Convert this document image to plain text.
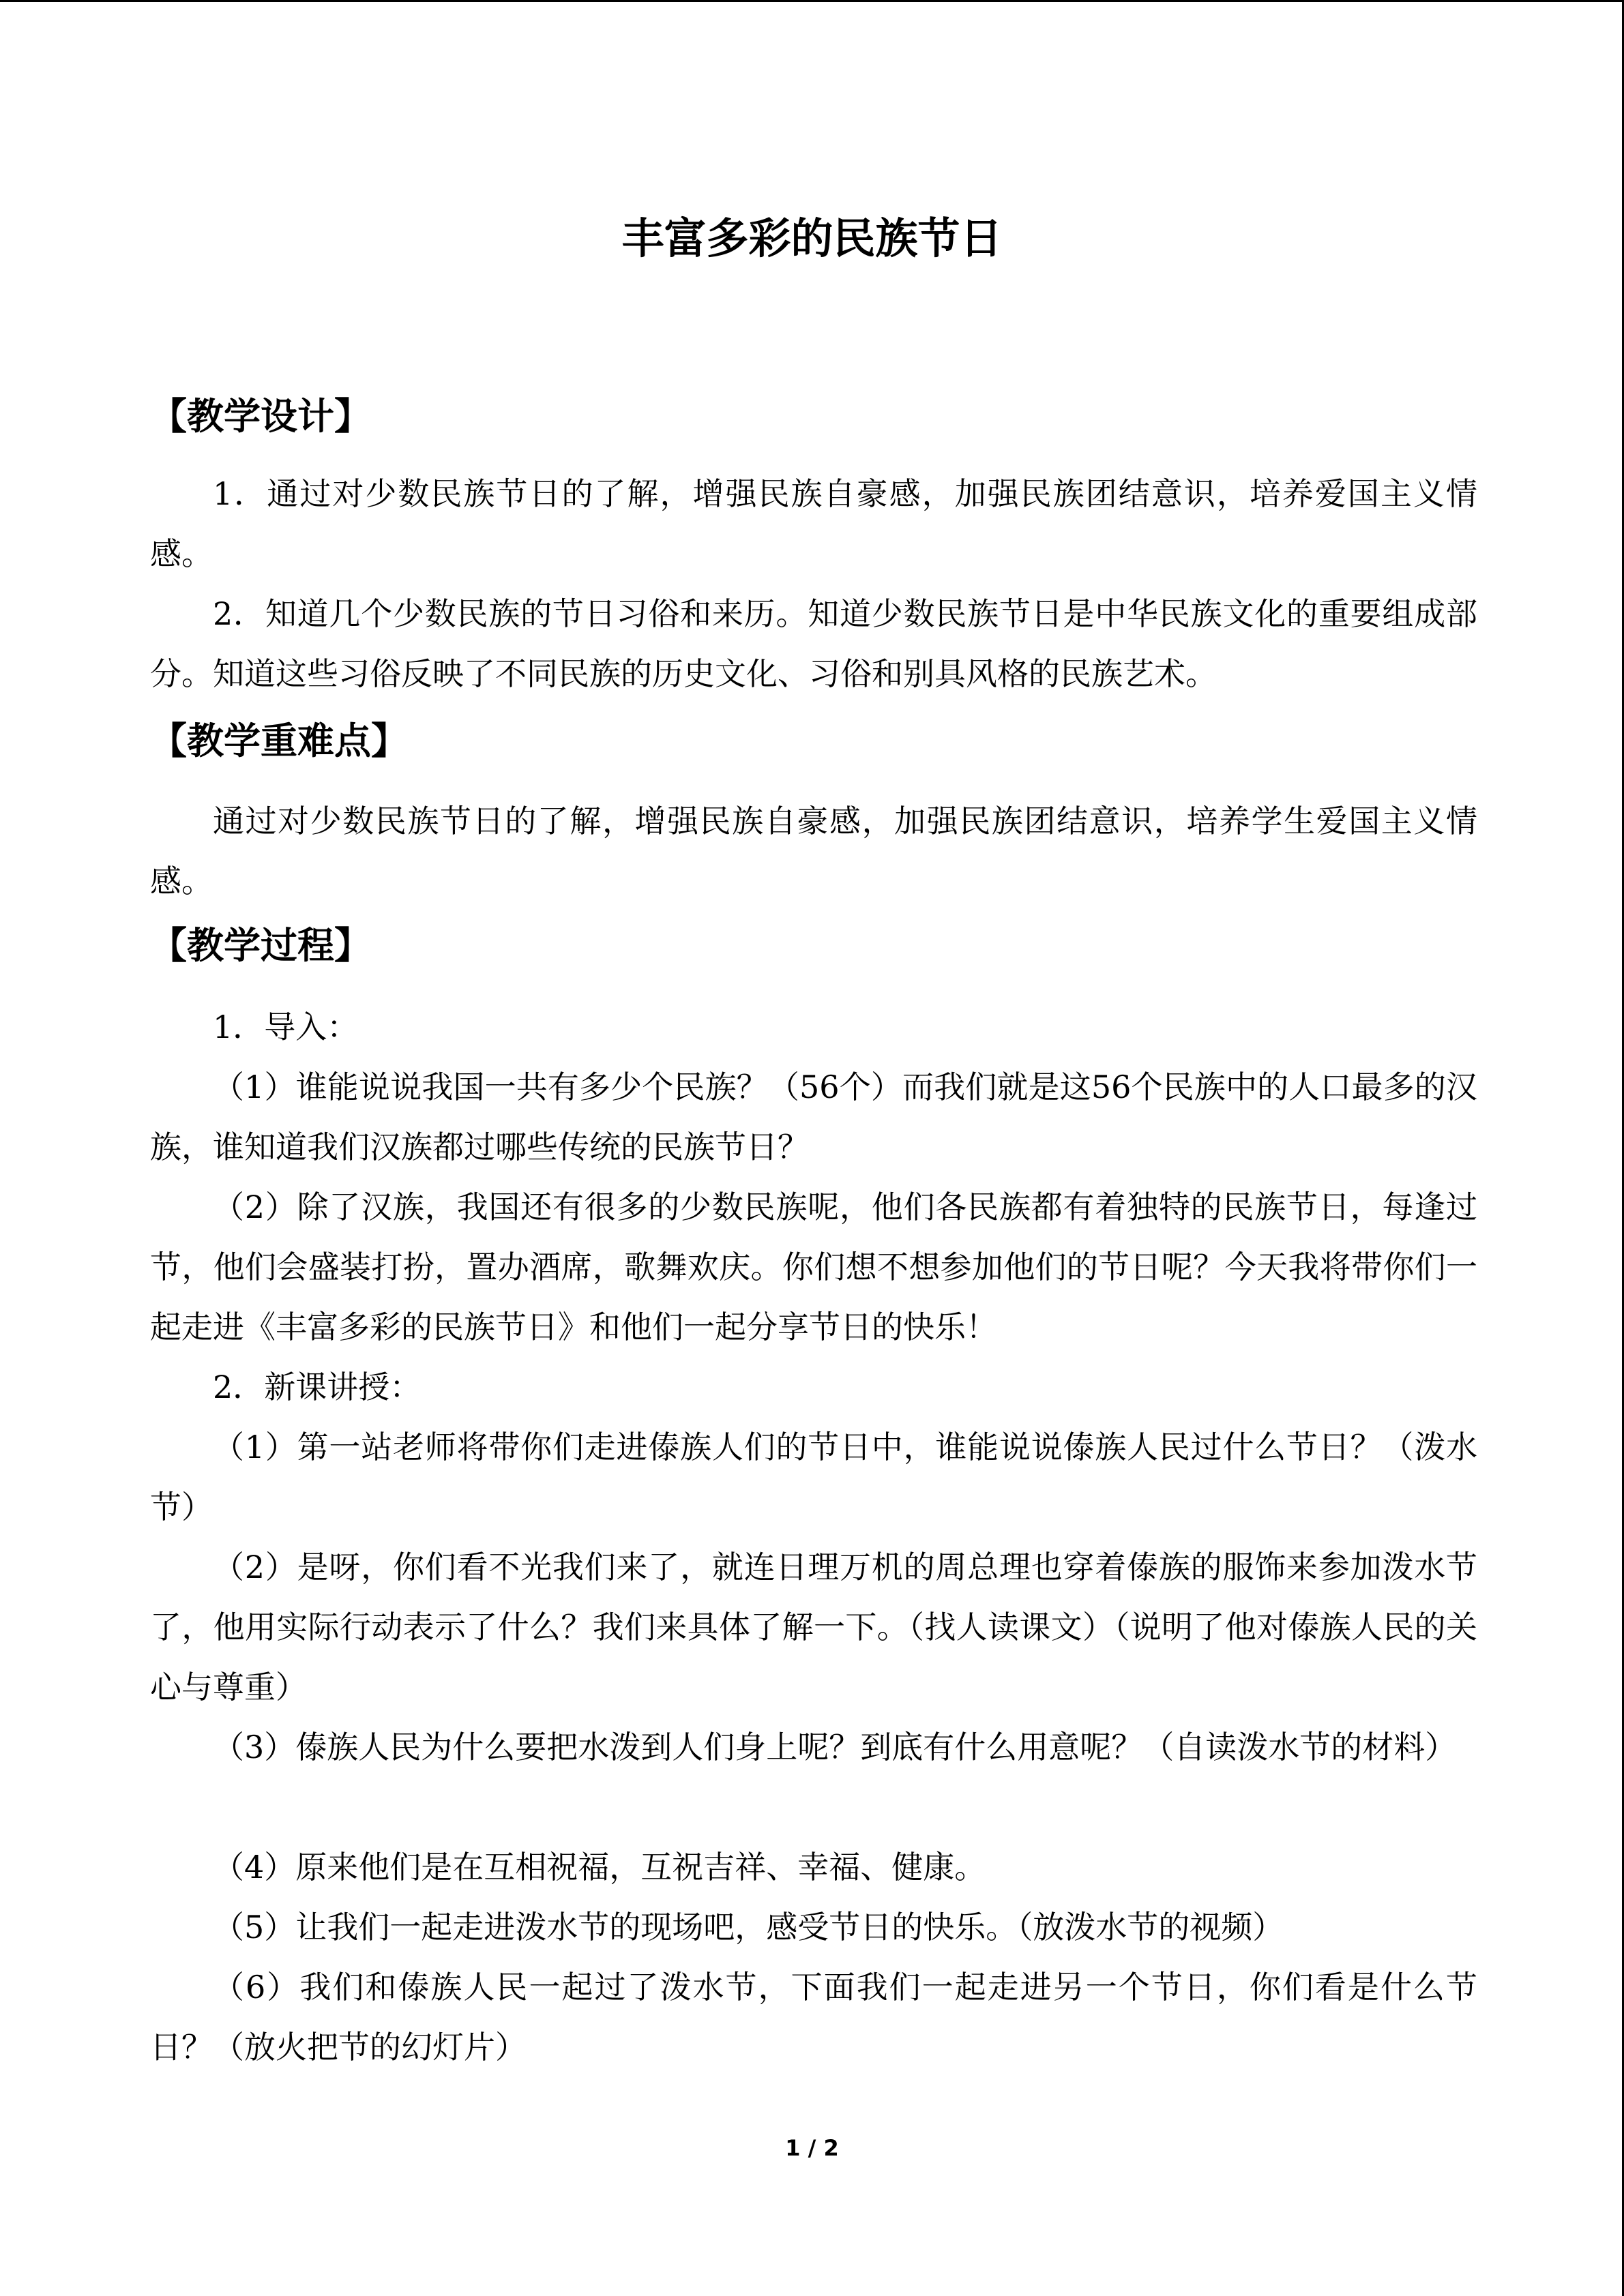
丰富多彩的民族节日
【教学设计】

1．通过对少数民族节日的了解，增强民族自豪感，加强民族团结意识，培养爱国主义情感。

2．知道几个少数民族的节日习俗和来历。知道少数民族节日是中华民族文化的重要组成部分。知道这些习俗反映了不同民族的历史文化、习俗和别具风格的民族艺术。

【教学重难点】

通过对少数民族节日的了解，增强民族自豪感，加强民族团结意识，培养学生爱国主义情感。

【教学过程】

1．导入：

（1）谁能说说我国一共有多少个民族？（56个）而我们就是这56个民族中的人口最多的汉族，谁知道我们汉族都过哪些传统的民族节日？

（2）除了汉族，我国还有很多的少数民族呢，他们各民族都有着独特的民族节日，每逢过节，他们会盛装打扮，置办酒席，歌舞欢庆。你们想不想参加他们的节日呢？今天我将带你们一起走进《丰富多彩的民族节日》和他们一起分享节日的快乐！

2．新课讲授：

（1）第一站老师将带你们走进傣族人们的节日中，谁能说说傣族人民过什么节日？（泼水节）

（2）是呀，你们看不光我们来了，就连日理万机的周总理也穿着傣族的服饰来参加泼水节了，他用实际行动表示了什么？我们来具体了解一下。（找人读课文）（说明了他对傣族人民的关心与尊重）

（3）傣族人民为什么要把水泼到人们身上呢？到底有什么用意呢？（自读泼水节的材料）

（4）原来他们是在互相祝福，互祝吉祥、幸福、健康。

（5）让我们一起走进泼水节的现场吧，感受节日的快乐。（放泼水节的视频）

（6）我们和傣族人民一起过了泼水节，下面我们一起走进另一个节日，你们看是什么节日？（放火把节的幻灯片）

1 / 2
